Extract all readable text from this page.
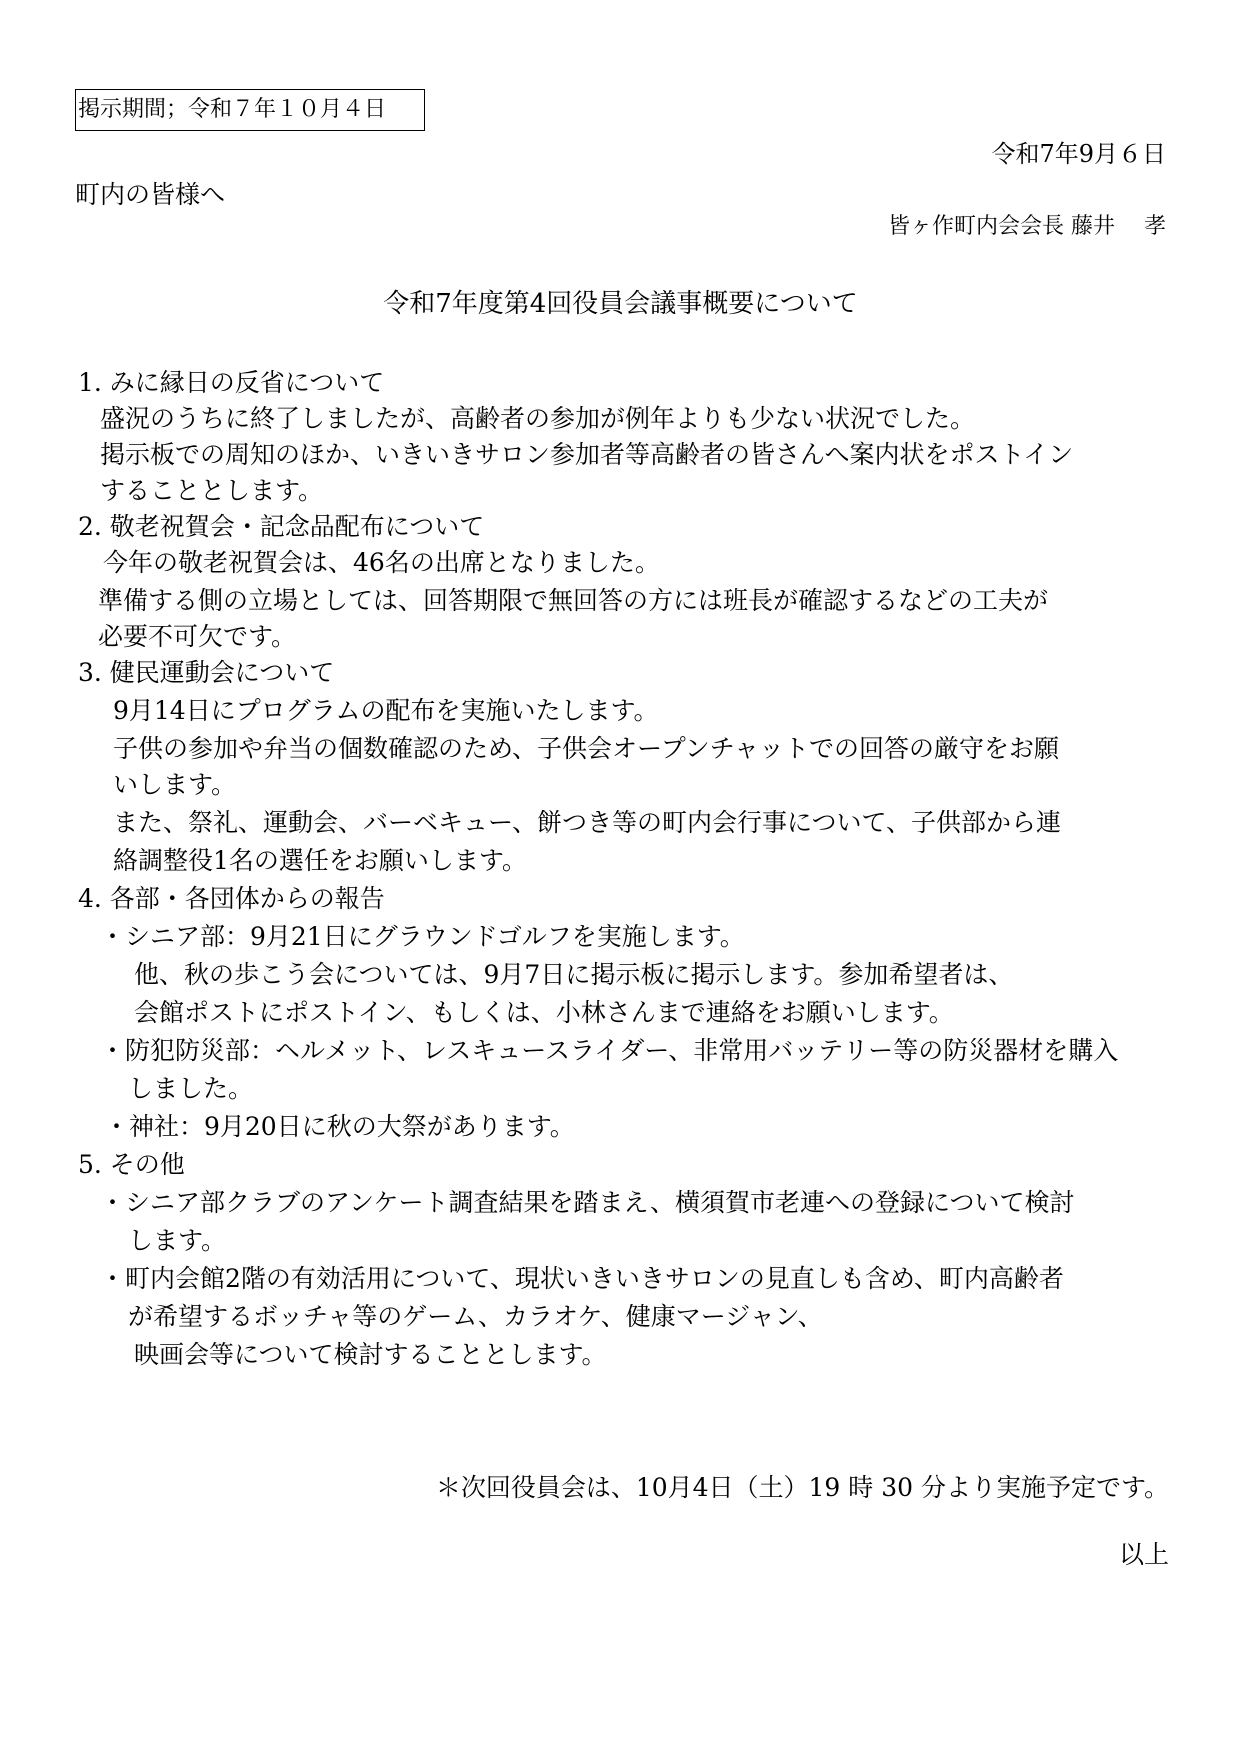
掲示期間；令和７年１０月４日
令和7年9月６日
町内の皆様へ
皆ヶ作町内会会長 藤井　 孝
令和7年度第4回役員会議事概要について
1. みに縁日の反省について
盛況のうちに終了しましたが、高齢者の参加が例年よりも少ない状況でした。
掲示板での周知のほか、いきいきサロン参加者等高齢者の皆さんへ案内状をポストイン
することとします。
2. 敬老祝賀会・記念品配布について
今年の敬老祝賀会は、46名の出席となりました。
準備する側の立場としては、回答期限で無回答の方には班長が確認するなどの工夫が
必要不可欠です。
3. 健民運動会について
9月14日にプログラムの配布を実施いたします。
子供の参加や弁当の個数確認のため、子供会オープンチャットでの回答の厳守をお願
いします。
また、祭礼、運動会、バーベキュー、餅つき等の町内会行事について、子供部から連
絡調整役1名の選任をお願いします。
4. 各部・各団体からの報告
・シニア部：9月21日にグラウンドゴルフを実施します。
他、秋の歩こう会については、9月7日に掲示板に掲示します。参加希望者は、
会館ポストにポストイン、もしくは、小林さんまで連絡をお願いします。
・防犯防災部：ヘルメット、レスキュースライダー、非常用バッテリー等の防災器材を購入
しました。
・神社：9月20日に秋の大祭があります。
5. その他
・シニア部クラブのアンケート調査結果を踏まえ、横須賀市老連への登録について検討
します。
・町内会館2階の有効活用について、現状いきいきサロンの見直しも含め、町内高齢者
が希望するボッチャ等のゲーム、カラオケ、健康マージャン、
映画会等について検討することとします。
＊次回役員会は、10月4日（土）19 時 30 分より実施予定です。
以上
